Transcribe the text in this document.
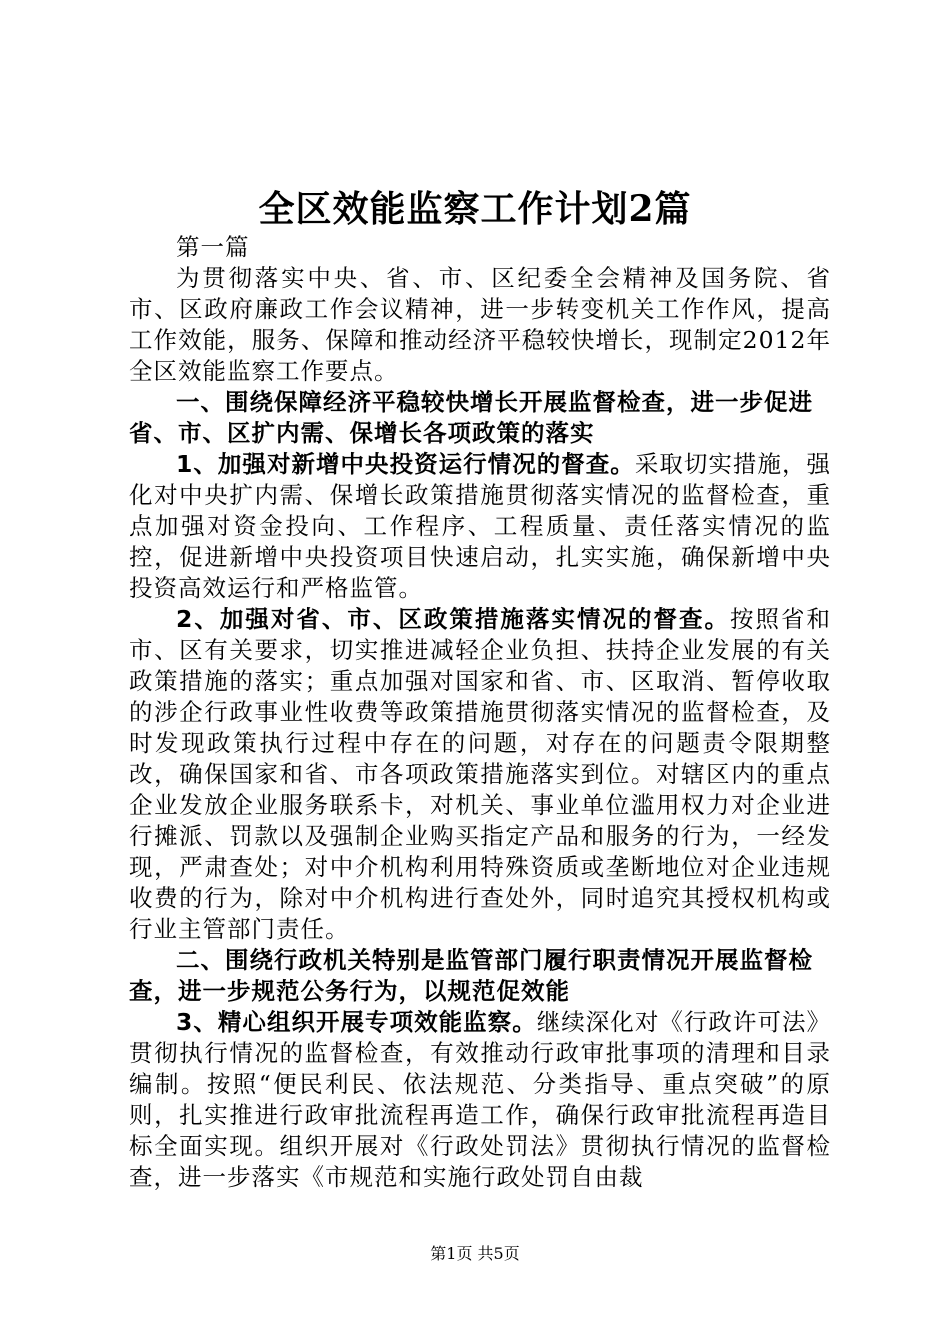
全区效能监察工作计划2篇

第一篇

为贯彻落实中央、省、市、区纪委全会精神及国务院、省市、区政府廉政工作会议精神，进一步转变机关工作作风，提高工作效能，服务、保障和推动经济平稳较快增长，现制定2012年全区效能监察工作要点。

一、围绕保障经济平稳较快增长开展监督检查，进一步促进省、市、区扩内需、保增长各项政策的落实

1、加强对新增中央投资运行情况的督查。采取切实措施，强化对中央扩内需、保增长政策措施贯彻落实情况的监督检查，重点加强对资金投向、工作程序、工程质量、责任落实情况的监控，促进新增中央投资项目快速启动，扎实实施，确保新增中央投资高效运行和严格监管。

2、加强对省、市、区政策措施落实情况的督查。按照省和市、区有关要求，切实推进减轻企业负担、扶持企业发展的有关政策措施的落实；重点加强对国家和省、市、区取消、暂停收取的涉企行政事业性收费等政策措施贯彻落实情况的监督检查，及时发现政策执行过程中存在的问题，对存在的问题责令限期整改，确保国家和省、市各项政策措施落实到位。对辖区内的重点企业发放企业服务联系卡，对机关、事业单位滥用权力对企业进行摊派、罚款以及强制企业购买指定产品和服务的行为，一经发现，严肃查处；对中介机构利用特殊资质或垄断地位对企业违规收费的行为，除对中介机构进行查处外，同时追究其授权机构或行业主管部门责任。

二、围绕行政机关特别是监管部门履行职责情况开展监督检查，进一步规范公务行为，以规范促效能

3、精心组织开展专项效能监察。继续深化对《行政许可法》贯彻执行情况的监督检查，有效推动行政审批事项的清理和目录编制。按照“便民利民、依法规范、分类指导、重点突破”的原则，扎实推进行政审批流程再造工作，确保行政审批流程再造目标全面实现。组织开展对《行政处罚法》贯彻执行情况的监督检查，进一步落实《市规范和实施行政处罚自由裁

第1页 共5页
